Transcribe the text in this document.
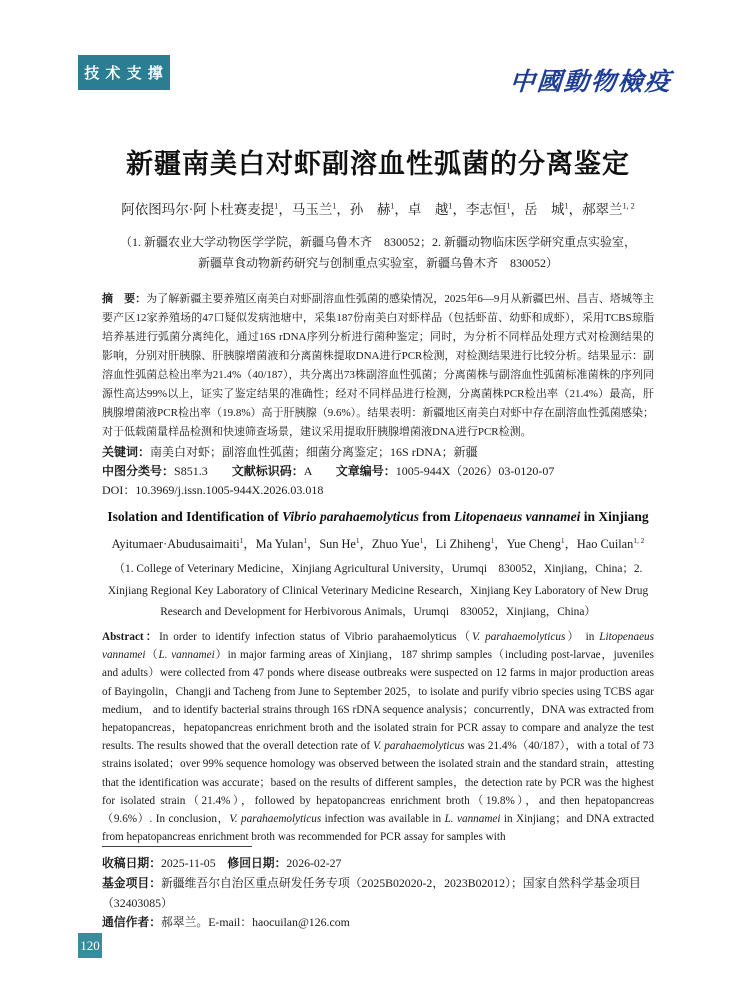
技 术 支 撑	中國動物檢疫
新疆南美白对虾副溶血性弧菌的分离鉴定
阿依图玛尔·阿卜杜赛麦提$^1$，马玉兰$^1$，孙　赫$^1$，卓　越$^1$，李志恒$^1$，岳　城$^1$，郝翠兰$^{1, 2}$
（1. 新疆农业大学动物医学学院，新疆乌鲁木齐　830052；2. 新疆动物临床医学研究重点实验室，新疆草食动物新药研究与创制重点实验室，新疆乌鲁木齐　830052）

摘　要：为了解新疆主要养殖区南美白对虾副溶血性弧菌的感染情况，2025年6—9月从新疆巴州、昌吉、塔城等主要产区12家养殖场的47口疑似发病池塘中，采集187份南美白对虾样品（包括虾苗、幼虾和成虾），采用TCBS琼脂培养基进行弧菌分离纯化，通过16S rDNA序列分析进行菌种鉴定；同时，为分析不同样品处理方式对检测结果的影响，分别对肝胰腺、肝胰腺增菌液和分离菌株提取DNA进行PCR检测，对检测结果进行比较分析。结果显示：副溶血性弧菌总检出率为21.4%（40/187），共分离出73株副溶血性弧菌；分离菌株与副溶血性弧菌标准菌株的序列同源性高达99%以上，证实了鉴定结果的准确性；经对不同样品进行检测，分离菌株PCR检出率（21.4%）最高，肝胰腺增菌液PCR检出率（19.8%）高于肝胰腺（9.6%）。结果表明：新疆地区南美白对虾中存在副溶血性弧菌感染；对于低载菌量样品检测和快速筛查场景，建议采用提取肝胰腺增菌液DNA进行PCR检测。

关键词：南美白对虾；副溶血性弧菌；细菌分离鉴定；16S rDNA；新疆
中图分类号：S851.3　　文献标识码：A　　文章编号：1005-944X（2026）03-0120-07
DOI：10.3969/j.issn.1005-944X.2026.03.018
Isolation and Identification of Vibrio parahaemolyticus from Litopenaeus vannamei in Xinjiang
Ayitumaer·Abudusaimaiti$^1$，Ma Yulan$^1$，Sun He$^1$，Zhuo Yue$^1$，Li Zhiheng$^1$，Yue Cheng$^1$，Hao Cuilan$^{1, 2}$
（1. College of Veterinary Medicine，Xinjiang Agricultural University，Urumqi　830052，Xinjiang，China；2. Xinjiang Regional Key Laboratory of Clinical Veterinary Medicine Research，Xinjiang Key Laboratory of New Drug Research and Development for Herbivorous Animals，Urumqi　830052，Xinjiang，China）

Abstract：In order to identify infection status of Vibrio parahaemolyticus（V. parahaemolyticus） in Litopenaeus vannamei（L. vannamei）in major farming areas of Xinjiang，187 shrimp samples（including post-larvae，juveniles and adults）were collected from 47 ponds where disease outbreaks were suspected on 12 farms in major production areas of Bayingolin，Changji and Tacheng from June to September 2025，to isolate and purify vibrio species using TCBS agar medium， and to identify bacterial strains through 16S rDNA sequence analysis；concurrently，DNA was extracted from hepatopancreas，hepatopancreas enrichment broth and the isolated strain for PCR assay to compare and analyze the test results. The results showed that the overall detection rate of V. parahaemolyticus was 21.4%（40/187），with a total of 73 strains isolated；over 99% sequence homology was observed between the isolated strain and the standard strain，attesting that the identification was accurate；based on the results of different samples，the detection rate by PCR was the highest for isolated strain（21.4%），followed by hepatopancreas enrichment broth（19.8%），and then hepatopancreas（9.6%）. In conclusion，V. parahaemolyticus infection was available in L. vannamei in Xinjiang；and DNA extracted from hepatopancreas enrichment broth was recommended for PCR assay for samples with

收稿日期：2025-11-05　修回日期：2026-02-27
基金项目：新疆维吾尔自治区重点研发任务专项（2025B02020-2，2023B02012）；国家自然科学基金项目（32403085）
通信作者：郝翠兰。E-mail：haocuilan@126.com
120
